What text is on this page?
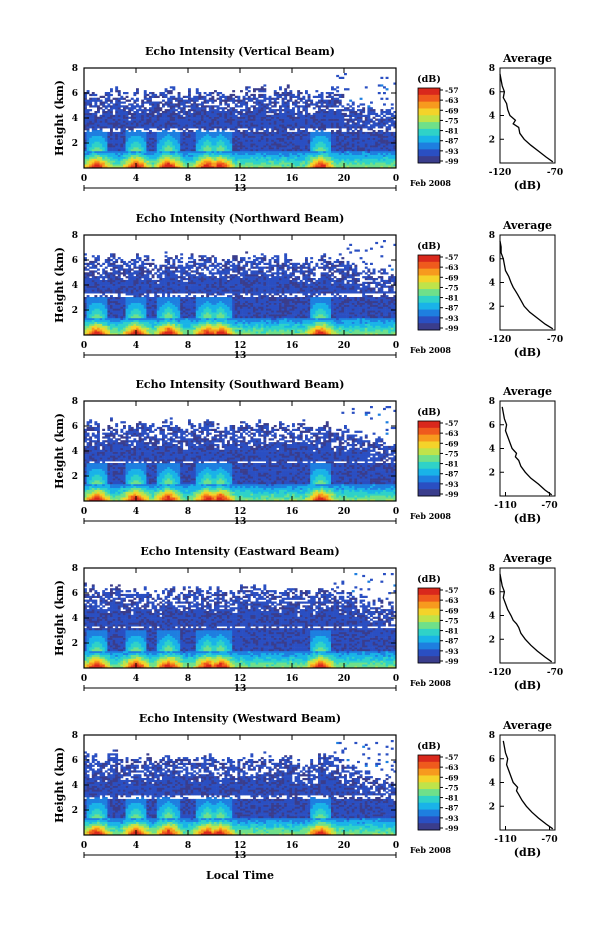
Local Time
Echo Intensity (Vertical Beam)
0	4	8	12	16	20	0
2
4
6
8
Height (km)
13
Feb 2008
(dB)
-57
-63
-69
-75
-81
-87
-93
-99
Average
2
4
6
8
-120	-70
(dB)
Echo Intensity (Northward Beam)
0	4	8	12	16	20	0
2
4
6
8
Height (km)
13
Feb 2008
(dB)
-57
-63
-69
-75
-81
-87
-93
-99
Average
2
4
6
8
-120	-70
(dB)
Echo Intensity (Southward Beam)
0	4	8	12	16	20	0
2
4
6
8
Height (km)
13
Feb 2008
(dB)
-57
-63
-69
-75
-81
-87
-93
-99
Average
2
4
6
8
-110	-70
(dB)
Echo Intensity (Eastward Beam)
0	4	8	12	16	20	0
2
4
6
8
Height (km)
13
Feb 2008
(dB)
-57
-63
-69
-75
-81
-87
-93
-99
Average
2
4
6
8
-120	-70
(dB)
Echo Intensity (Westward Beam)
0	4	8	12	16	20	0
2
4
6
8
Height (km)
13
Feb 2008
(dB)
-57
-63
-69
-75
-81
-87
-93
-99
Average
2
4
6
8
-110	-70
(dB)
